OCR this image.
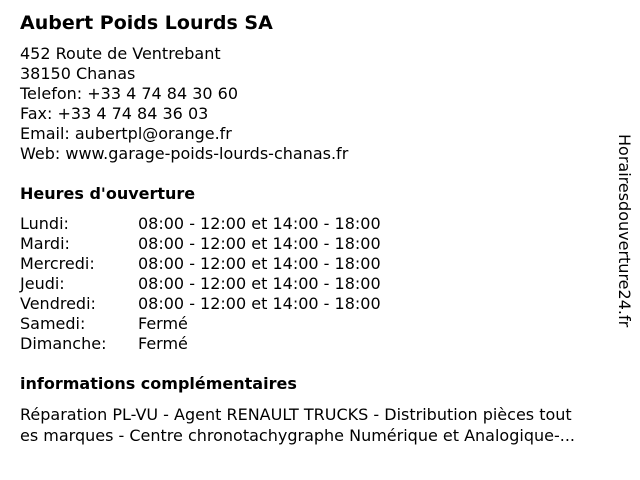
Aubert Poids Lourds SA
452 Route de Ventrebant
38150 Chanas
Telefon: +33 4 74 84 30 60
Fax: +33 4 74 84 36 03
Email: aubertpl@orange.fr
Web: www.garage-poids-lourds-chanas.fr
Heures d'ouverture
Lundi:	08:00 - 12:00 et 14:00 - 18:00
Mardi:	08:00 - 12:00 et 14:00 - 18:00
Mercredi:	08:00 - 12:00 et 14:00 - 18:00
Jeudi:	08:00 - 12:00 et 14:00 - 18:00
Vendredi:	08:00 - 12:00 et 14:00 - 18:00
Samedi:	Fermé
Dimanche:	Fermé
informations complémentaires
Réparation PL-VU - Agent RENAULT TRUCKS - Distribution pièces tout
es marques - Centre chronotachygraphe Numérique et Analogique-...
Horairesdouverture24.fr
